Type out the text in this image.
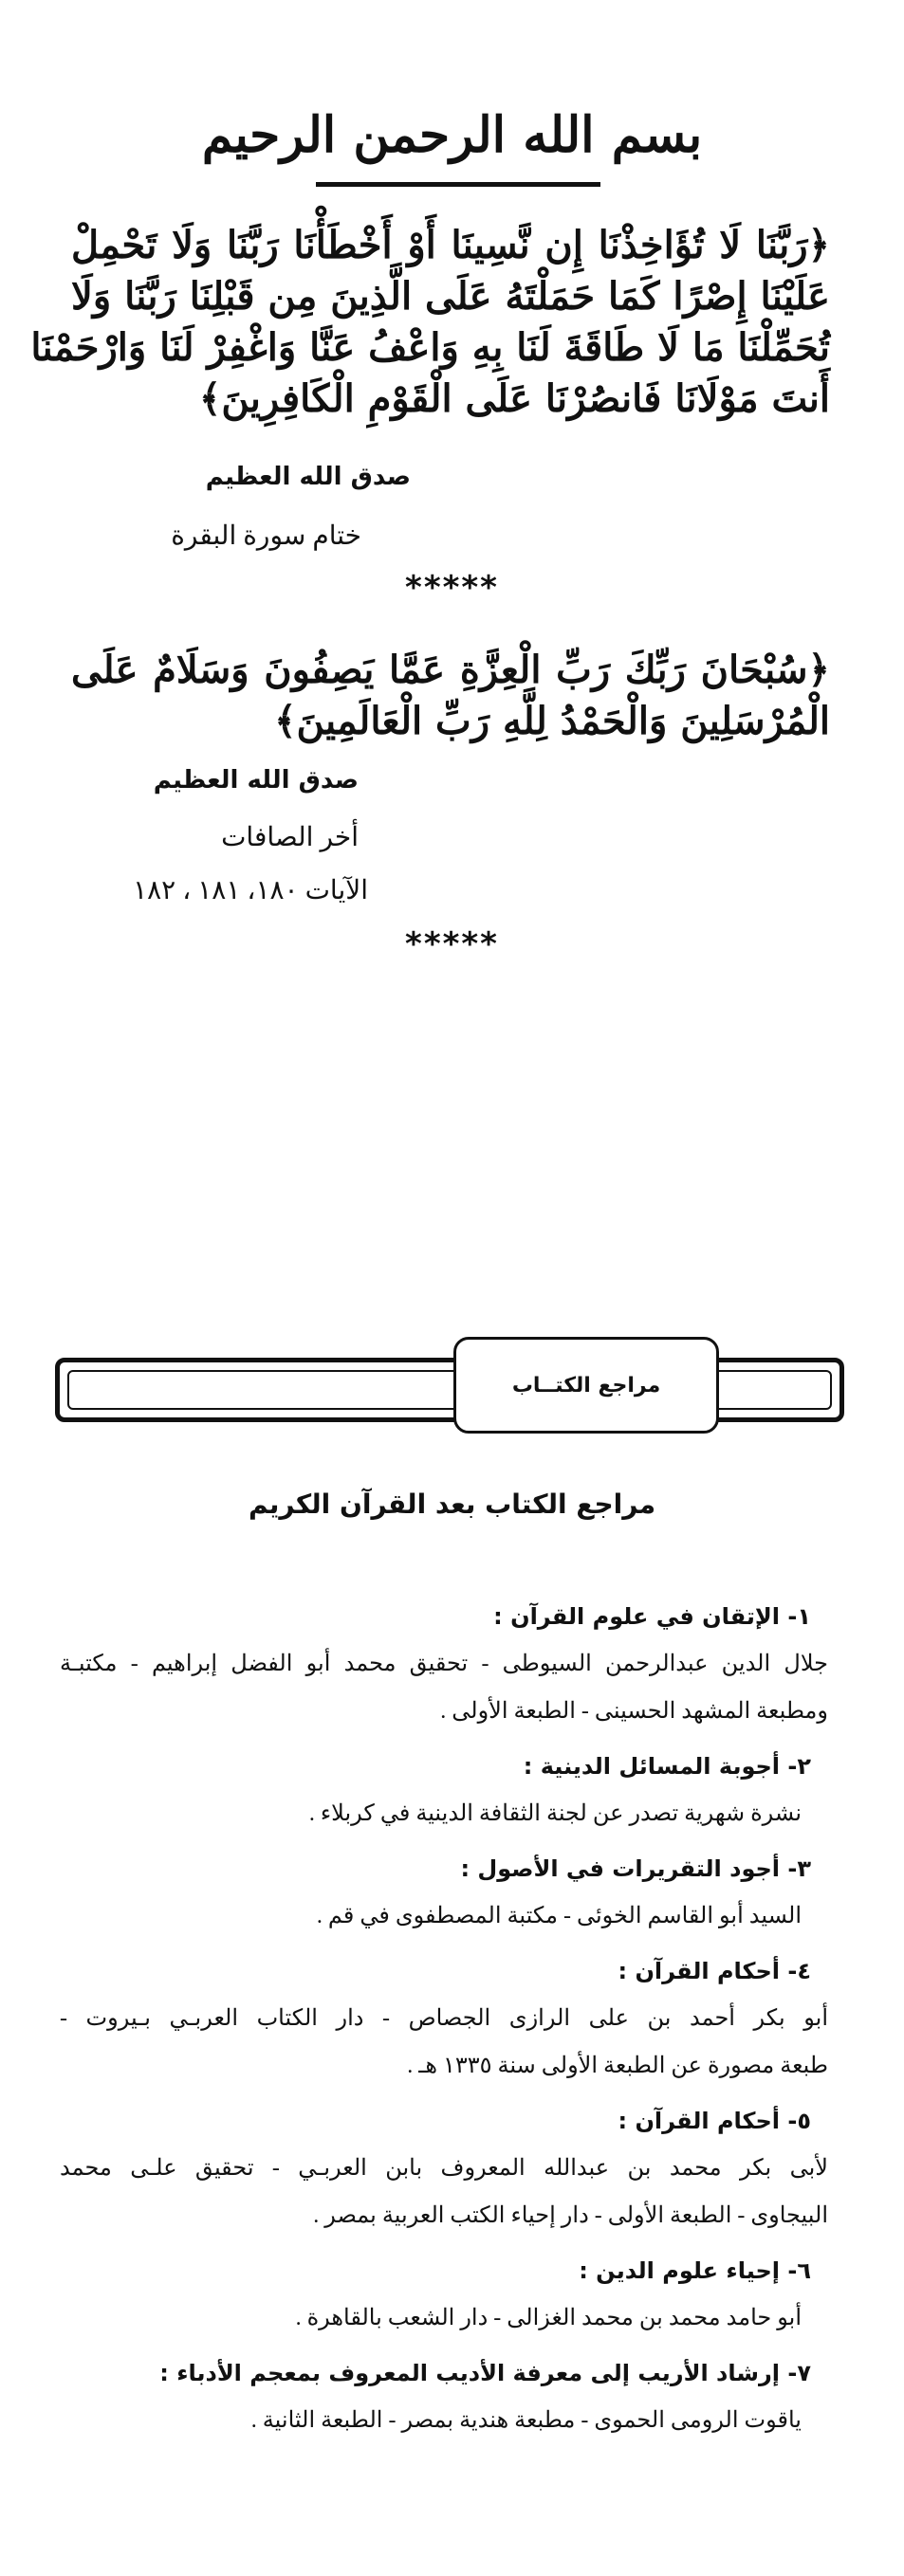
بسم الله الرحمن الرحيم
﴿رَبَّنَا لَا تُؤَاخِذْنَا إِن نَّسِينَا أَوْ أَخْطَأْنَا رَبَّنَا وَلَا تَحْمِلْ
عَلَيْنَا إِصْرًا كَمَا حَمَلْتَهُ عَلَى الَّذِينَ مِن قَبْلِنَا رَبَّنَا وَلَا
تُحَمِّلْنَا مَا لَا طَاقَةَ لَنَا بِهِ وَاعْفُ عَنَّا وَاغْفِرْ لَنَا وَارْحَمْنَا
أَنتَ مَوْلَانَا فَانصُرْنَا عَلَى الْقَوْمِ الْكَافِرِينَ﴾
صدق الله العظيم
ختام سورة البقرة
*****
﴿سُبْحَانَ رَبِّكَ رَبِّ الْعِزَّةِ عَمَّا يَصِفُونَ وَسَلَامٌ عَلَى
الْمُرْسَلِينَ وَالْحَمْدُ لِلَّهِ رَبِّ الْعَالَمِينَ﴾
صدق الله العظيم
أخر الصافات
الآيات ١٨٠، ١٨١ ، ١٨٢
*****
مراجع الكتــاب
مراجع الكتاب بعد القرآن الكريم
١- الإتقان في علوم القرآن :
جلال الدين عبدالرحمن السيوطى - تحقيق محمد أبو الفضل إبراهيم - مكتبـة
ومطبعة المشهد الحسينى - الطبعة الأولى .
٢- أجوبة المسائل الدينية :
نشرة شهرية تصدر عن لجنة الثقافة الدينية في كربلاء .
٣- أجود التقريرات في الأصول :
السيد أبو القاسم الخوئى - مكتبة المصطفوى في قم .
٤- أحكام القرآن :
أبو بكر أحمد بن على الرازى الجصاص - دار الكتاب العربـي بـيروت -
طبعة مصورة عن الطبعة الأولى سنة ١٣٣٥ هـ .
٥- أحكام القرآن :
لأبى بكر محمد بن عبدالله المعروف بابن العربـي - تحقيق علـى محمد
البيجاوى - الطبعة الأولى - دار إحياء الكتب العربية بمصر .
٦- إحياء علوم الدين :
أبو حامد محمد بن محمد الغزالى - دار الشعب بالقاهرة .
٧- إرشاد الأريب إلى معرفة الأديب المعروف بمعجم الأدباء :
ياقوت الرومى الحموى - مطبعة هندية بمصر - الطبعة الثانية .
